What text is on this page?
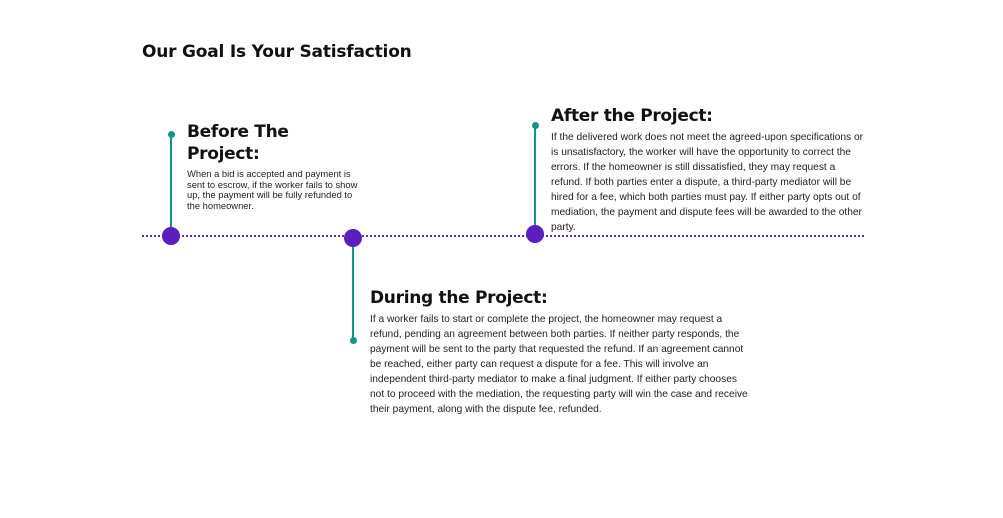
Our Goal Is Your Satisfaction
Before The Project:

When a bid is accepted and payment is sent to escrow, if the worker fails to show up, the payment will be fully refunded to the homeowner.

After the Project:

If the delivered work does not meet the agreed-upon specifications or is unsatisfactory, the worker will have the opportunity to correct the errors. If the homeowner is still dissatisfied, they may request a refund. If both parties enter a dispute, a third-party mediator will be hired for a fee, which both parties must pay. If either party opts out of mediation, the payment and dispute fees will be awarded to the other party.

During the Project:

If a worker fails to start or complete the project, the homeowner may request a refund, pending an agreement between both parties. If neither party responds, the payment will be sent to the party that requested the refund. If an agreement cannot be reached, either party can request a dispute for a fee. This will involve an independent third-party mediator to make a final judgment. If either party chooses not to proceed with the mediation, the requesting party will win the case and receive their payment, along with the dispute fee, refunded.
